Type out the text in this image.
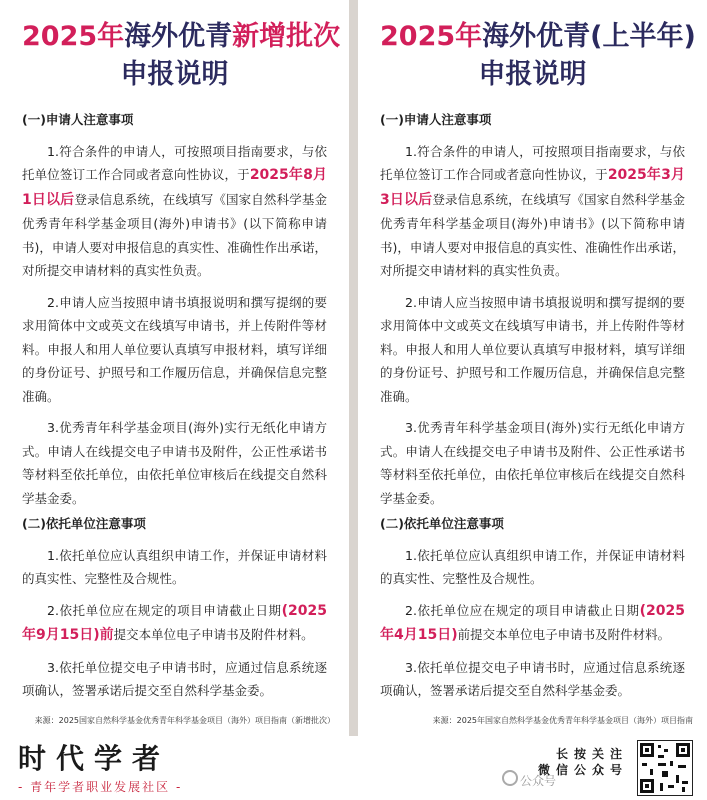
2025年海外优青新增批次
申报说明

(一)申请人注意事项

1.符合条件的申请人，可按照项目指南要求，与依托单位签订工作合同或者意向性协议，于2025年8月1日以后登录信息系统，在线填写《国家自然科学基金优秀青年科学基金项目(海外)申请书》(以下简称申请书)，申请人要对申报信息的真实性、准确性作出承诺，对所提交申请材料的真实性负责。

2.申请人应当按照申请书填报说明和撰写提纲的要求用简体中文或英文在线填写申请书，并上传附件等材料。申报人和用人单位要认真填写申报材料，填写详细的身份证号、护照号和工作履历信息，并确保信息完整准确。

3.优秀青年科学基金项目(海外)实行无纸化申请方式。申请人在线提交电子申请书及附件，公正性承诺书等材料至依托单位，由依托单位审核后在线提交自然科学基金委。

(二)依托单位注意事项

1.依托单位应认真组织申请工作，并保证申请材料的真实性、完整性及合规性。

2.依托单位应在规定的项目申请截止日期(2025年9月15日)前提交本单位电子申请书及附件材料。

3.依托单位提交电子申请书时，应通过信息系统逐项确认，签署承诺后提交至自然科学基金委。

来源：2025国家自然科学基金优秀青年科学基金项目（海外）项目指南（新增批次）
2025年海外优青(上半年)
申报说明

(一)申请人注意事项

1.符合条件的申请人，可按照项目指南要求，与依托单位签订工作合同或者意向性协议，于2025年3月3日以后登录信息系统，在线填写《国家自然科学基金优秀青年科学基金项目(海外)申请书》(以下简称申请书)，申请人要对申报信息的真实性、准确性作出承诺，对所提交申请材料的真实性负责。

2.申请人应当按照申请书填报说明和撰写提纲的要求用简体中文或英文在线填写申请书，并上传附件等材料。申报人和用人单位要认真填写申报材料，填写详细的身份证号、护照号和工作履历信息，并确保信息完整准确。

3.优秀青年科学基金项目(海外)实行无纸化申请方式。申请人在线提交电子申请书及附件、公正性承诺书等材料至依托单位，由依托单位审核后在线提交自然科学基金委。

(二)依托单位注意事项

1.依托单位应认真组织申请工作，并保证申请材料的真实性、完整性及合规性。

2.依托单位应在规定的项目申请截止日期(2025年4月15日)前提交本单位电子申请书及附件材料。

3.依托单位提交电子申请书时，应通过信息系统逐项确认，签署承诺后提交至自然科学基金委。

来源：2025年国家自然科学基金优秀青年科学基金项目（海外）项目指南
时代学者
- 青年学者职业发展社区 -
长按关注
微信公众号
公众号
